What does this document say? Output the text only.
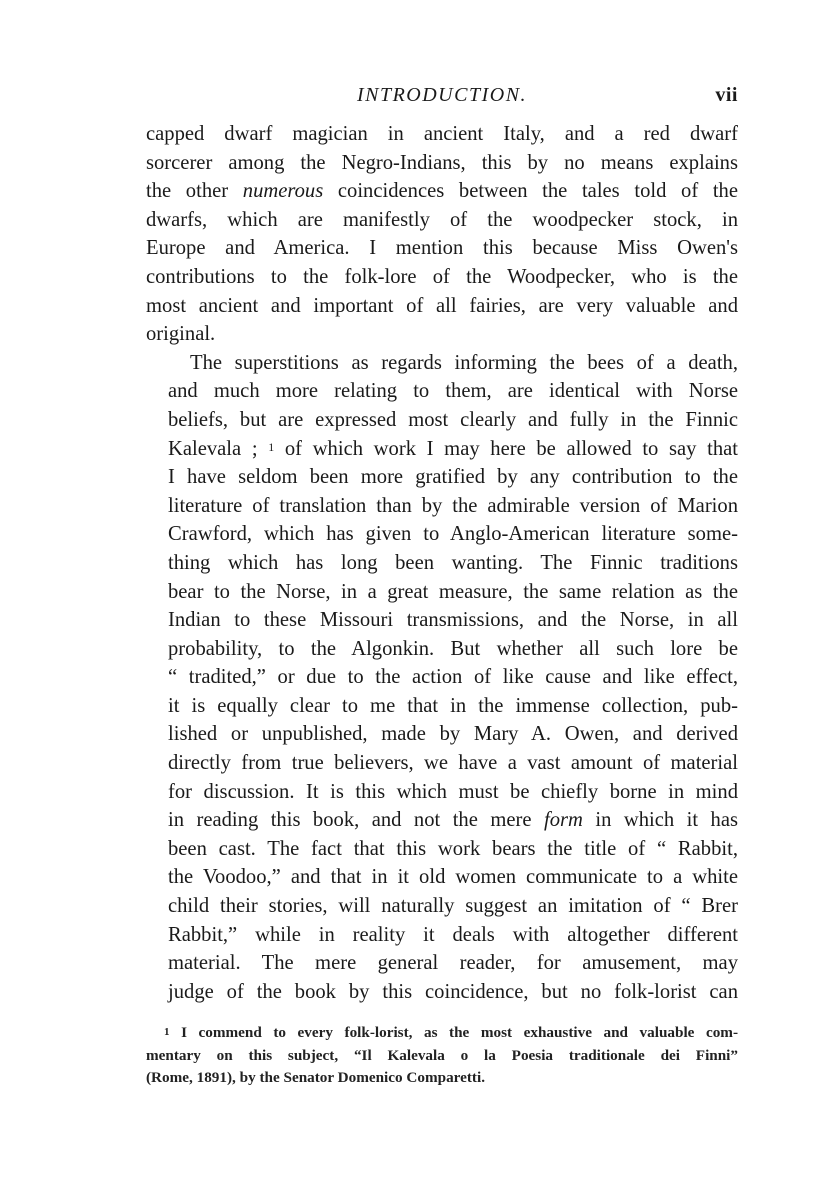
INTRODUCTION.	vii
capped dwarf magician in ancient Italy, and a red dwarf
sorcerer among the Negro-Indians, this by no means explains
the other numerous coincidences between the tales told of the
dwarfs, which are manifestly of the woodpecker stock, in
Europe and America. I mention this because Miss Owen's
contributions to the folk-lore of the Woodpecker, who is the
most ancient and important of all fairies, are very valuable and
original.
The superstitions as regards informing the bees of a death,
and much more relating to them, are identical with Norse
beliefs, but are expressed most clearly and fully in the Finnic
Kalevala ; $^1$ of which work I may here be allowed to say that
I have seldom been more gratified by any contribution to the
literature of translation than by the admirable version of Marion
Crawford, which has given to Anglo-American literature some-
thing which has long been wanting. The Finnic traditions
bear to the Norse, in a great measure, the same relation as the
Indian to these Missouri transmissions, and the Norse, in all
probability, to the Algonkin. But whether all such lore be
“ tradited,” or due to the action of like cause and like effect,
it is equally clear to me that in the immense collection, pub-
lished or unpublished, made by Mary A. Owen, and derived
directly from true believers, we have a vast amount of material
for discussion. It is this which must be chiefly borne in mind
in reading this book, and not the mere form in which it has
been cast. The fact that this work bears the title of “ Rabbit,
the Voodoo,” and that in it old women communicate to a white
child their stories, will naturally suggest an imitation of “ Brer
Rabbit,” while in reality it deals with altogether different
material. The mere general reader, for amusement, may
judge of the book by this coincidence, but no folk-lorist can
$^1$ I commend to every folk-lorist, as the most exhaustive and valuable com-
mentary on this subject, “Il Kalevala o la Poesia traditionale dei Finni”
(Rome, 1891), by the Senator Domenico Comparetti.
